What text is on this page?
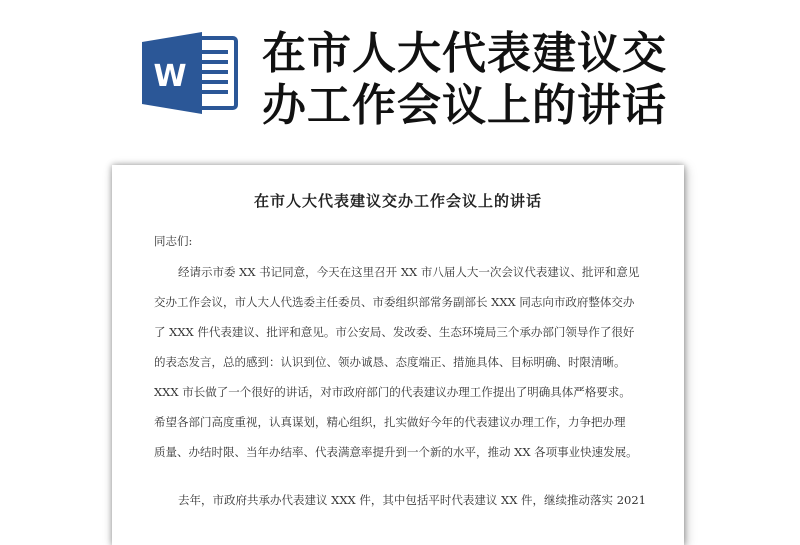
W 在市人大代表建议交
办工作会议上的讲话
在市人大代表建议交办工作会议上的讲话
同志们:
经请示市委 XX 书记同意，今天在这里召开 XX 市八届人大一次会议代表建议、批评和意见
交办工作会议，市人大人代选委主任委员、市委组织部常务副部长 XXX 同志向市政府整体交办
了 XXX 件代表建议、批评和意见。市公安局、发改委、生态环境局三个承办部门领导作了很好
的表态发言，总的感到：认识到位、领办诚恳、态度端正、措施具体、目标明确、时限清晰。
XXX 市长做了一个很好的讲话，对市政府部门的代表建议办理工作提出了明确具体严格要求。
希望各部门高度重视，认真谋划，精心组织，扎实做好今年的代表建议办理工作，力争把办理
质量、办结时限、当年办结率、代表满意率提升到一个新的水平，推动 XX 各项事业快速发展。
去年，市政府共承办代表建议 XXX 件，其中包括平时代表建议 XX 件，继续推动落实 2021
